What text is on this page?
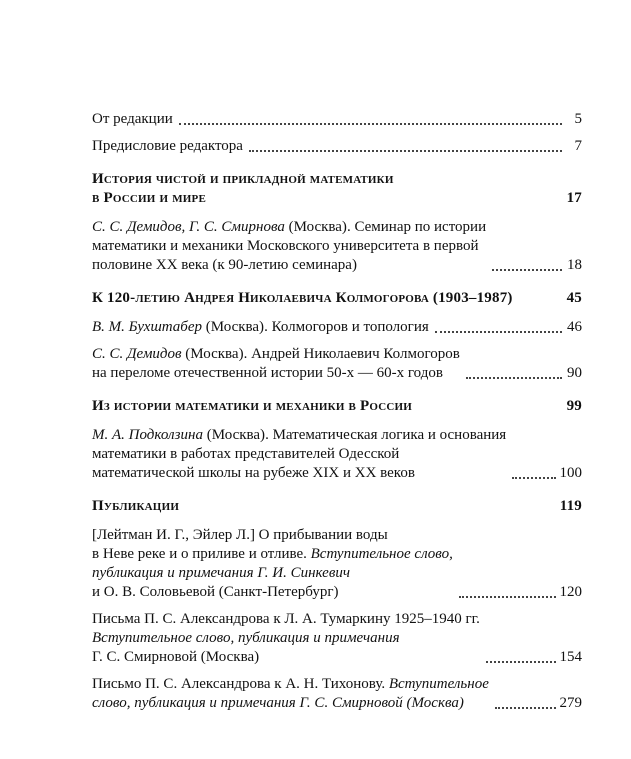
От редакции	5
Предисловие редактора	7
История чистой и прикладной математики
в России и мире	17
С. С. Демидов, Г. С. Смирнова (Москва). Семинар по истории
математики и механики Московского университета в первой
половине XX века (к 90-летию семинара)	18
К 120-летию Андрея Николаевича Колмогорова (1903–1987)	45
В. М. Бухштабер (Москва). Колмогоров и топология	46
С. С. Демидов (Москва). Андрей Николаевич Колмогоров
на переломе отечественной истории 50-х — 60-х годов	90
Из истории математики и механики в России	99
М. А. Подколзина (Москва). Математическая логика и основания
математики в работах представителей Одесской
математической школы на рубеже XIX и XX веков	100
Публикации	119
[Лейтман И. Г., Эйлер Л.] О прибывании воды
в Неве реке и о приливе и отливе. Вступительное слово,
публикация и примечания Г. И. Синкевич
и О. В. Соловьевой (Санкт-Петербург)	120
Письма П. С. Александрова к Л. А. Тумаркину 1925–1940 гг.
Вступительное слово, публикация и примечания
Г. С. Смирновой (Москва)	154
Письмо П. С. Александрова к А. Н. Тихонову. Вступительное
слово, публикация и примечания Г. С. Смирновой (Москва)	279
